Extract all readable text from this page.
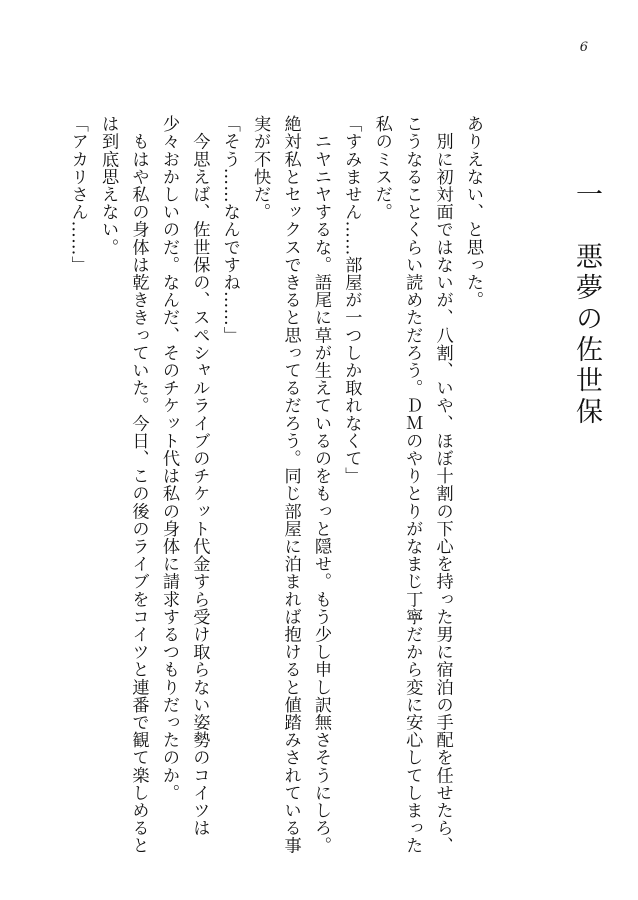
6
一　悪夢の佐世保

ありえない、と思った。

　別に初対面ではないが、八割、いや、ほぼ十割の下心を持った男に宿泊の手配を任せたら、

こうなることくらい読めただろう。ＤＭのやりとりがなまじ丁寧だから変に安心してしまった

私のミスだ。

「すみません……部屋が一つしか取れなくて」

　ニヤニヤするな。語尾に草が生えているのをもっと隠せ。もう少し申し訳無さそうにしろ。

絶対私とセックスできると思ってるだろう。同じ部屋に泊まれば抱けると値踏みされている事

実が不快だ。

「そう……なんですね……」

　今思えば、佐世保の、スペシャルライブのチケット代金すら受け取らない姿勢のコイツは

少々おかしいのだ。なんだ、そのチケット代は私の身体に請求するつもりだったのか。

　もはや私の身体は乾ききっていた。今日、この後のライブをコイツと連番で観て楽しめると

は到底思えない。

「アカリさん……」
